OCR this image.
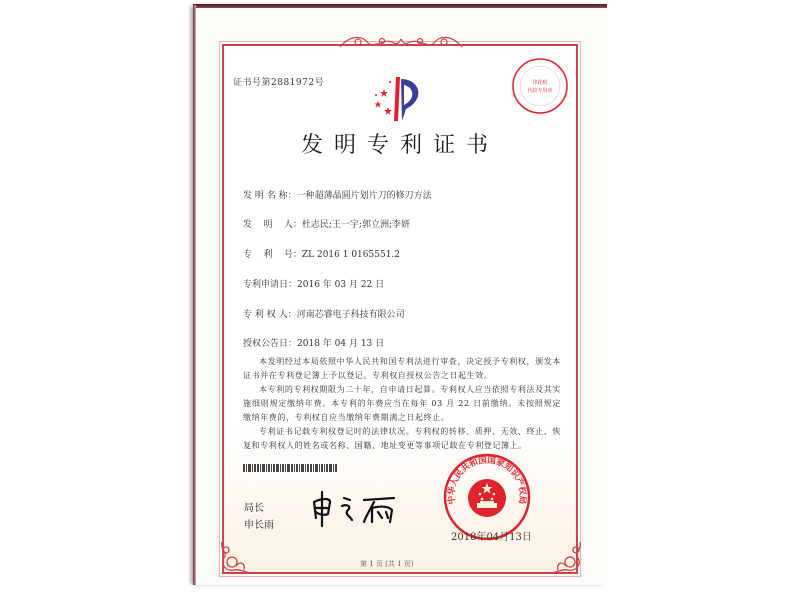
证书号第2881972号	印花税
代扣专用章
发明专利证书
发 明 名 称：一种超薄晶圆片划片刀的修刀方法
发    明    人：杜志民;王一宇;郭立洲;李妍
专    利    号：ZL 2016 1 0165551.2
专利申请日：2016 年 03 月 22 日
专 利 权 人：河南芯睿电子科技有限公司
授权公告日：2018 年 04 月 13 日

本发明经过本局依照中华人民共和国专利法进行审查，决定授予专利权，颁发本证书并在专利登记簿上予以登记。专利权自授权公告之日起生效。

本专利的专利权期限为二十年，自申请日起算。专利权人应当依照专利法及其实施细则规定缴纳年费。本专利的年费应当在每年 03 月 22 日前缴纳。未按照规定缴纳年费的，专利权自应当缴纳年费期满之日起终止。

专利证书记载专利权登记时的法律状况。专利权的转移、质押、无效、终止、恢复和专利权人的姓名或名称、国籍、地址变更等事项记载在专利登记簿上。

局长
申长雨
中华人民共和国国家知识产权局
2018年04月13日
第 1 页 (共 1 页)
